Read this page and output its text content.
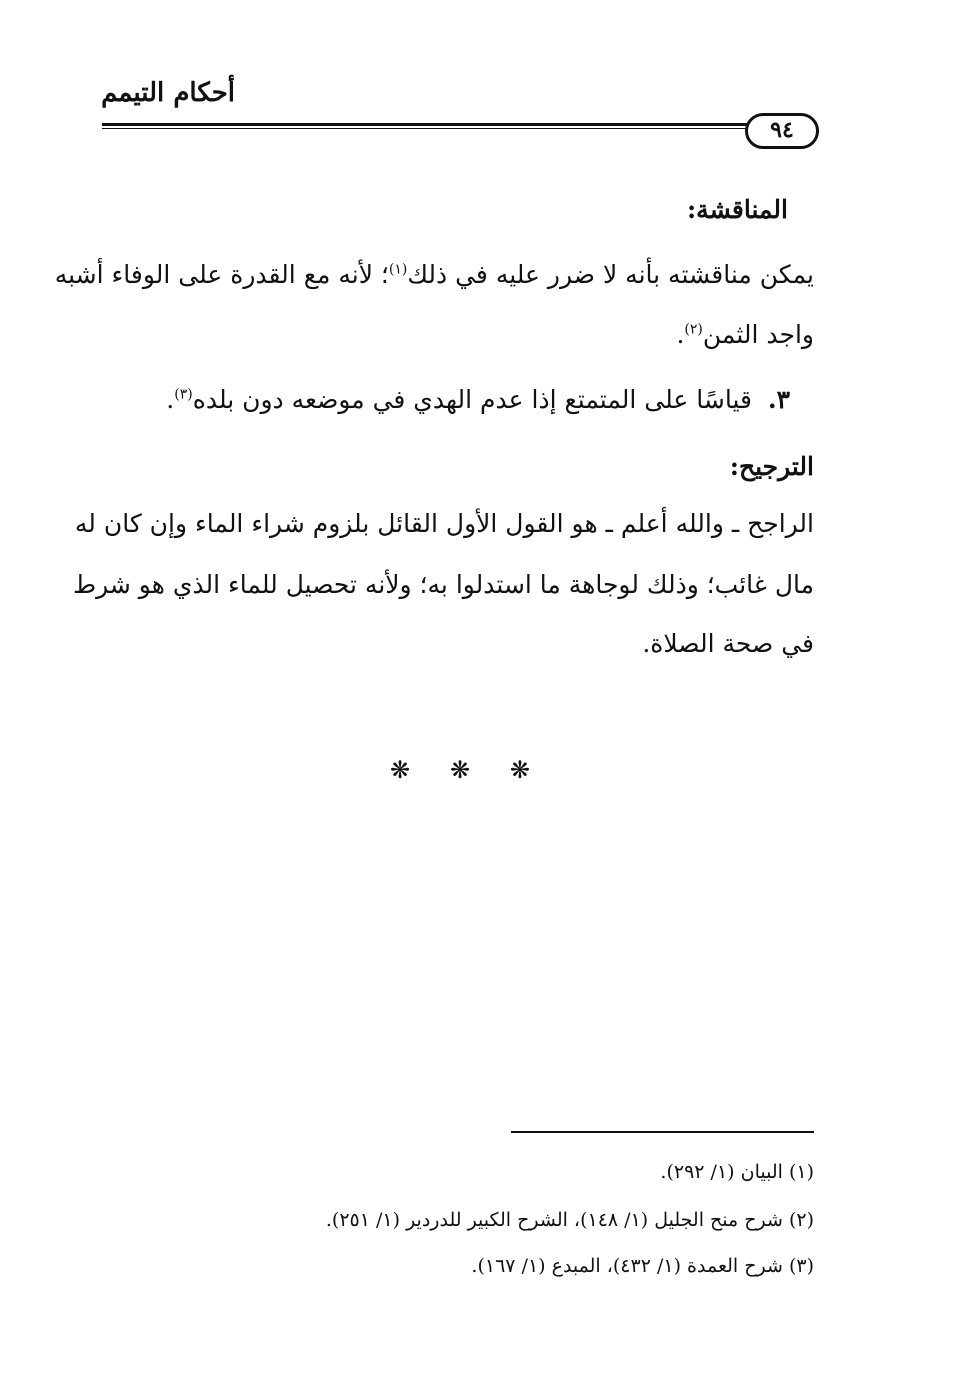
أحكام التيمم
٩٤
المناقشة:
يمكن مناقشته بأنه لا ضرر عليه في ذلك$^{(١)}$؛ لأنه مع القدرة على الوفاء أشبه
واجد الثمن$^{(٢)}$.
٣.  قياسًا على المتمتع إذا عدم الهدي في موضعه دون بلده$^{(٣)}$.
الترجيح:
الراجح ـ والله أعلم ـ هو القول الأول القائل بلزوم شراء الماء وإن كان له
مال غائب؛ وذلك لوجاهة ما استدلوا به؛ ولأنه تحصيل للماء الذي هو شرط
في صحة الصلاة.
❋ ❋ ❋
(١) البيان (١/ ٢٩٢).
(٢) شرح منح الجليل (١/ ١٤٨)، الشرح الكبير للدردير (١/ ٢٥١).
(٣) شرح العمدة (١/ ٤٣٢)، المبدع (١/ ١٦٧).
